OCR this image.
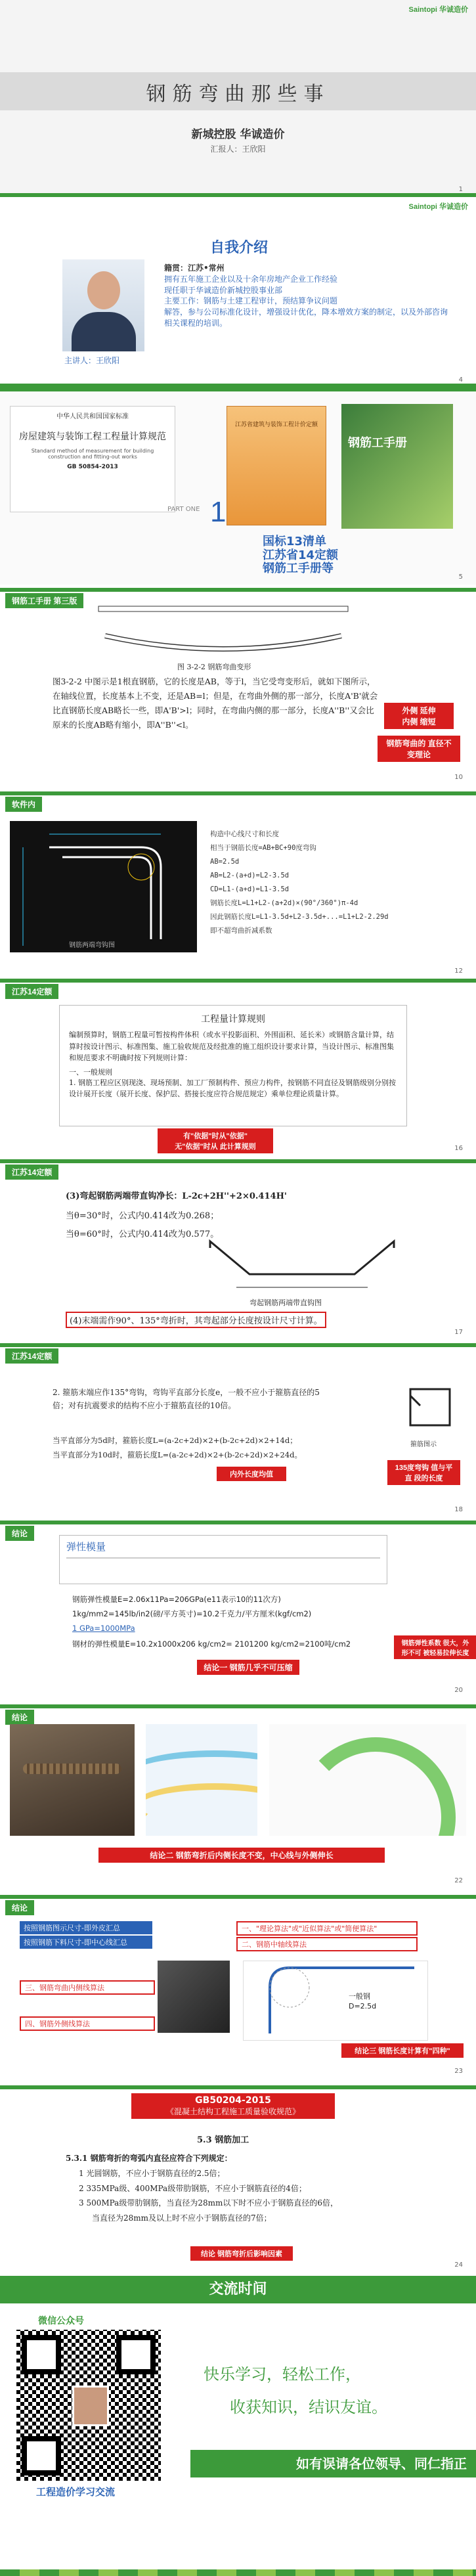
Saintopi 华诚造价
钢筋弯曲那些事
新城控股 华诚造价
汇报人：王欣阳
1
Saintopi 华诚造价
自我介绍
主讲人：王欣阳
籍贯：江苏•常州
拥有五年施工企业以及十余年房地产企业工作经验
现任职于华诚造价新城控股事业部
主要工作：钢筋与土建工程审计，预结算争议问题
解答，参与公司标准化设计，增强设计优化，降本增效方案的制定，以及外部咨询相关课程的培训。
4
中华人民共和国国家标准
房屋建筑与装饰工程工程量计算规范
Standard method of measurement for building
construction and fitting-out works
GB 50854-2013
江苏省建筑与装饰工程计价定额
钢筋工手册
PART ONE 1
国标13清单
江苏省14定额
钢筋工手册等
5
钢筋工手册 第三版
图 3-2-2 钢筋弯曲变形
图3-2-2 中图示是1根直钢筋，它的长度是AB，等于l，当它受弯变形后，就如下图所示，在轴线位置，长度基本上不变，还是AB=l；但是，在弯曲外侧的那一部分，长度A'B'就会比直钢筋长度AB略长一些，即A'B'>l；同时，在弯曲内侧的那一部分，长度A''B''又会比原来的长度AB略有缩小，即A''B''<l。
外侧 延伸
内侧 缩短
钢筋弯曲的 直径不变理论
10
软件内
钢筋两端弯钩图
构造中心线尺寸和长度
相当于钢筋长度=AB+BC+90度弯钩
AB=2.5d
AB=L2-(a+d)=L2-3.5d
CD=L1-(a+d)=L1-3.5d
钢筋长度L=L1+L2-(a+2d)×(90°/360°)π-4d
因此钢筋长度L=L1-3.5d+L2-3.5d+...=L1+L2-2.29d
即不超弯曲折减系数
12
江苏14定额
工程量计算规则
编制预算时，钢筋工程量可暂按构件体积（或水平投影面积、外围面积、延长米）或钢筋含量计算，结算时按设计图示、标准图集、施工验收规范及经批准的施工组织设计要求计算，当设计图示、标准图集和规范要求不明确时按下列规则计算：
一、一般规则
1. 钢筋工程应区别现浇、现场预制、加工厂预制构件、预应力构件，按钢筋不同直径及钢筋级别分别按设计展开长度（展开长度、保护层、搭接长度应符合规范规定）乘单位理论质量计算。
有"依据"时从"依据"
无"依据"时从 此计算规则	16
江苏14定额
(3)弯起钢筋两端带直钩净长：L-2c+2H''+2×0.414H'
当θ=30°时，公式内0.414改为0.268；
当θ=60°时，公式内0.414改为0.577。
弯起钢筋两端带直钩图
(4)末端需作90°、135°弯折时，其弯起部分长度按设计尺寸计算。
17
江苏14定额
2. 箍筋末端应作135°弯钩，弯钩平直部分长度e，一般不应小于箍筋直径的5倍；对有抗震要求的结构不应小于箍筋直径的10倍。
当平直部分为5d时，箍筋长度L=(a-2c+2d)×2+(b-2c+2d)×2+14d；
当平直部分为10d时，箍筋长度L=(a-2c+2d)×2+(b-2c+2d)×2+24d。
箍筋图示
内外长度均值
135度弯钩 值与平直 段的长度
18
结论
弹性模量
钢筋弹性模量E=2.06x11Pa=206GPa(e11表示10的11次方)
1kg/mm2=145lb/in2(磅/平方英寸)=10.2千克力/平方厘米(kgf/cm2)
1 GPa=1000MPa
钢材的弹性模量E=10.2x1000x206 kg/cm2= 2101200 kg/cm2=2100吨/cm2	钢筋弹性系数 很大，外形不可 被轻易拉伸长度
结论一 钢筋几乎不可压缩
20
结论
结论二 钢筋弯折后内侧长度不变，中心线与外侧伸长
22
结论
按照钢筋图示尺寸-即外皮汇总
按照钢筋下料尺寸-即中心线汇总
一、"理论算法"或"近似算法"或"简便算法"
二、钢筋中轴线算法
一般钢
D=2.5d
三、钢筋弯曲内侧线算法
四、钢筋外侧线算法
结论三 钢筋长度计算有"四种"
23
GB50204-2015
《混凝土结构工程施工质量验收规范》
5.3 钢筋加工
5.3.1 钢筋弯折的弯弧内直径应符合下列规定：
1 光圆钢筋，不应小于钢筋直径的2.5倍；
2 335MPa级、400MPa级带肋钢筋，不应小于钢筋直径的4倍；
3 500MPa级带肋钢筋，当直径为28mm以下时不应小于钢筋直径的6倍，
当直径为28mm及以上时不应小于钢筋直径的7倍；
结论 钢筋弯折后影响因素
24
交流时间
微信公众号
工程造价学习交流
快乐学习，轻松工作，
收获知识，结识友谊。
如有误请各位领导、同仁指正
